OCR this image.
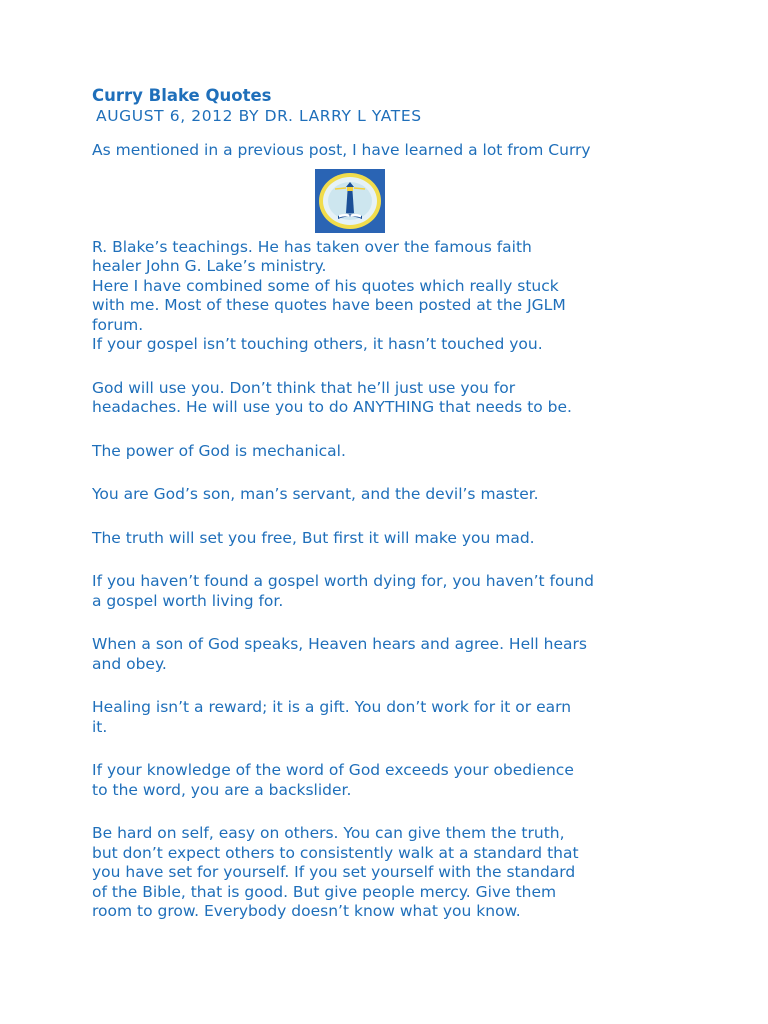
Curry Blake Quotes
AUGUST 6, 2012 BY DR. LARRY L YATES
As mentioned in a previous post, I have learned a lot from Curry
R. Blake’s teachings. He has taken over the famous faith
healer John G. Lake’s ministry.
Here I have combined some of his quotes which really stuck
with me. Most of these quotes have been posted at the JGLM
forum.
If your gospel isn’t touching others, it hasn’t touched you.
God will use you. Don’t think that he’ll just use you for
headaches. He will use you to do ANYTHING that needs to be.
The power of God is mechanical.
You are God’s son, man’s servant, and the devil’s master.
The truth will set you free, But first it will make you mad.
If you haven’t found a gospel worth dying for, you haven’t found
a gospel worth living for.
When a son of God speaks, Heaven hears and agree. Hell hears
and obey.
Healing isn’t a reward; it is a gift. You don’t work for it or earn
it.
If your knowledge of the word of God exceeds your obedience
to the word, you are a backslider.
Be hard on self, easy on others. You can give them the truth,
but don’t expect others to consistently walk at a standard that
you have set for yourself. If you set yourself with the standard
of the Bible, that is good. But give people mercy. Give them
room to grow. Everybody doesn’t know what you know.
